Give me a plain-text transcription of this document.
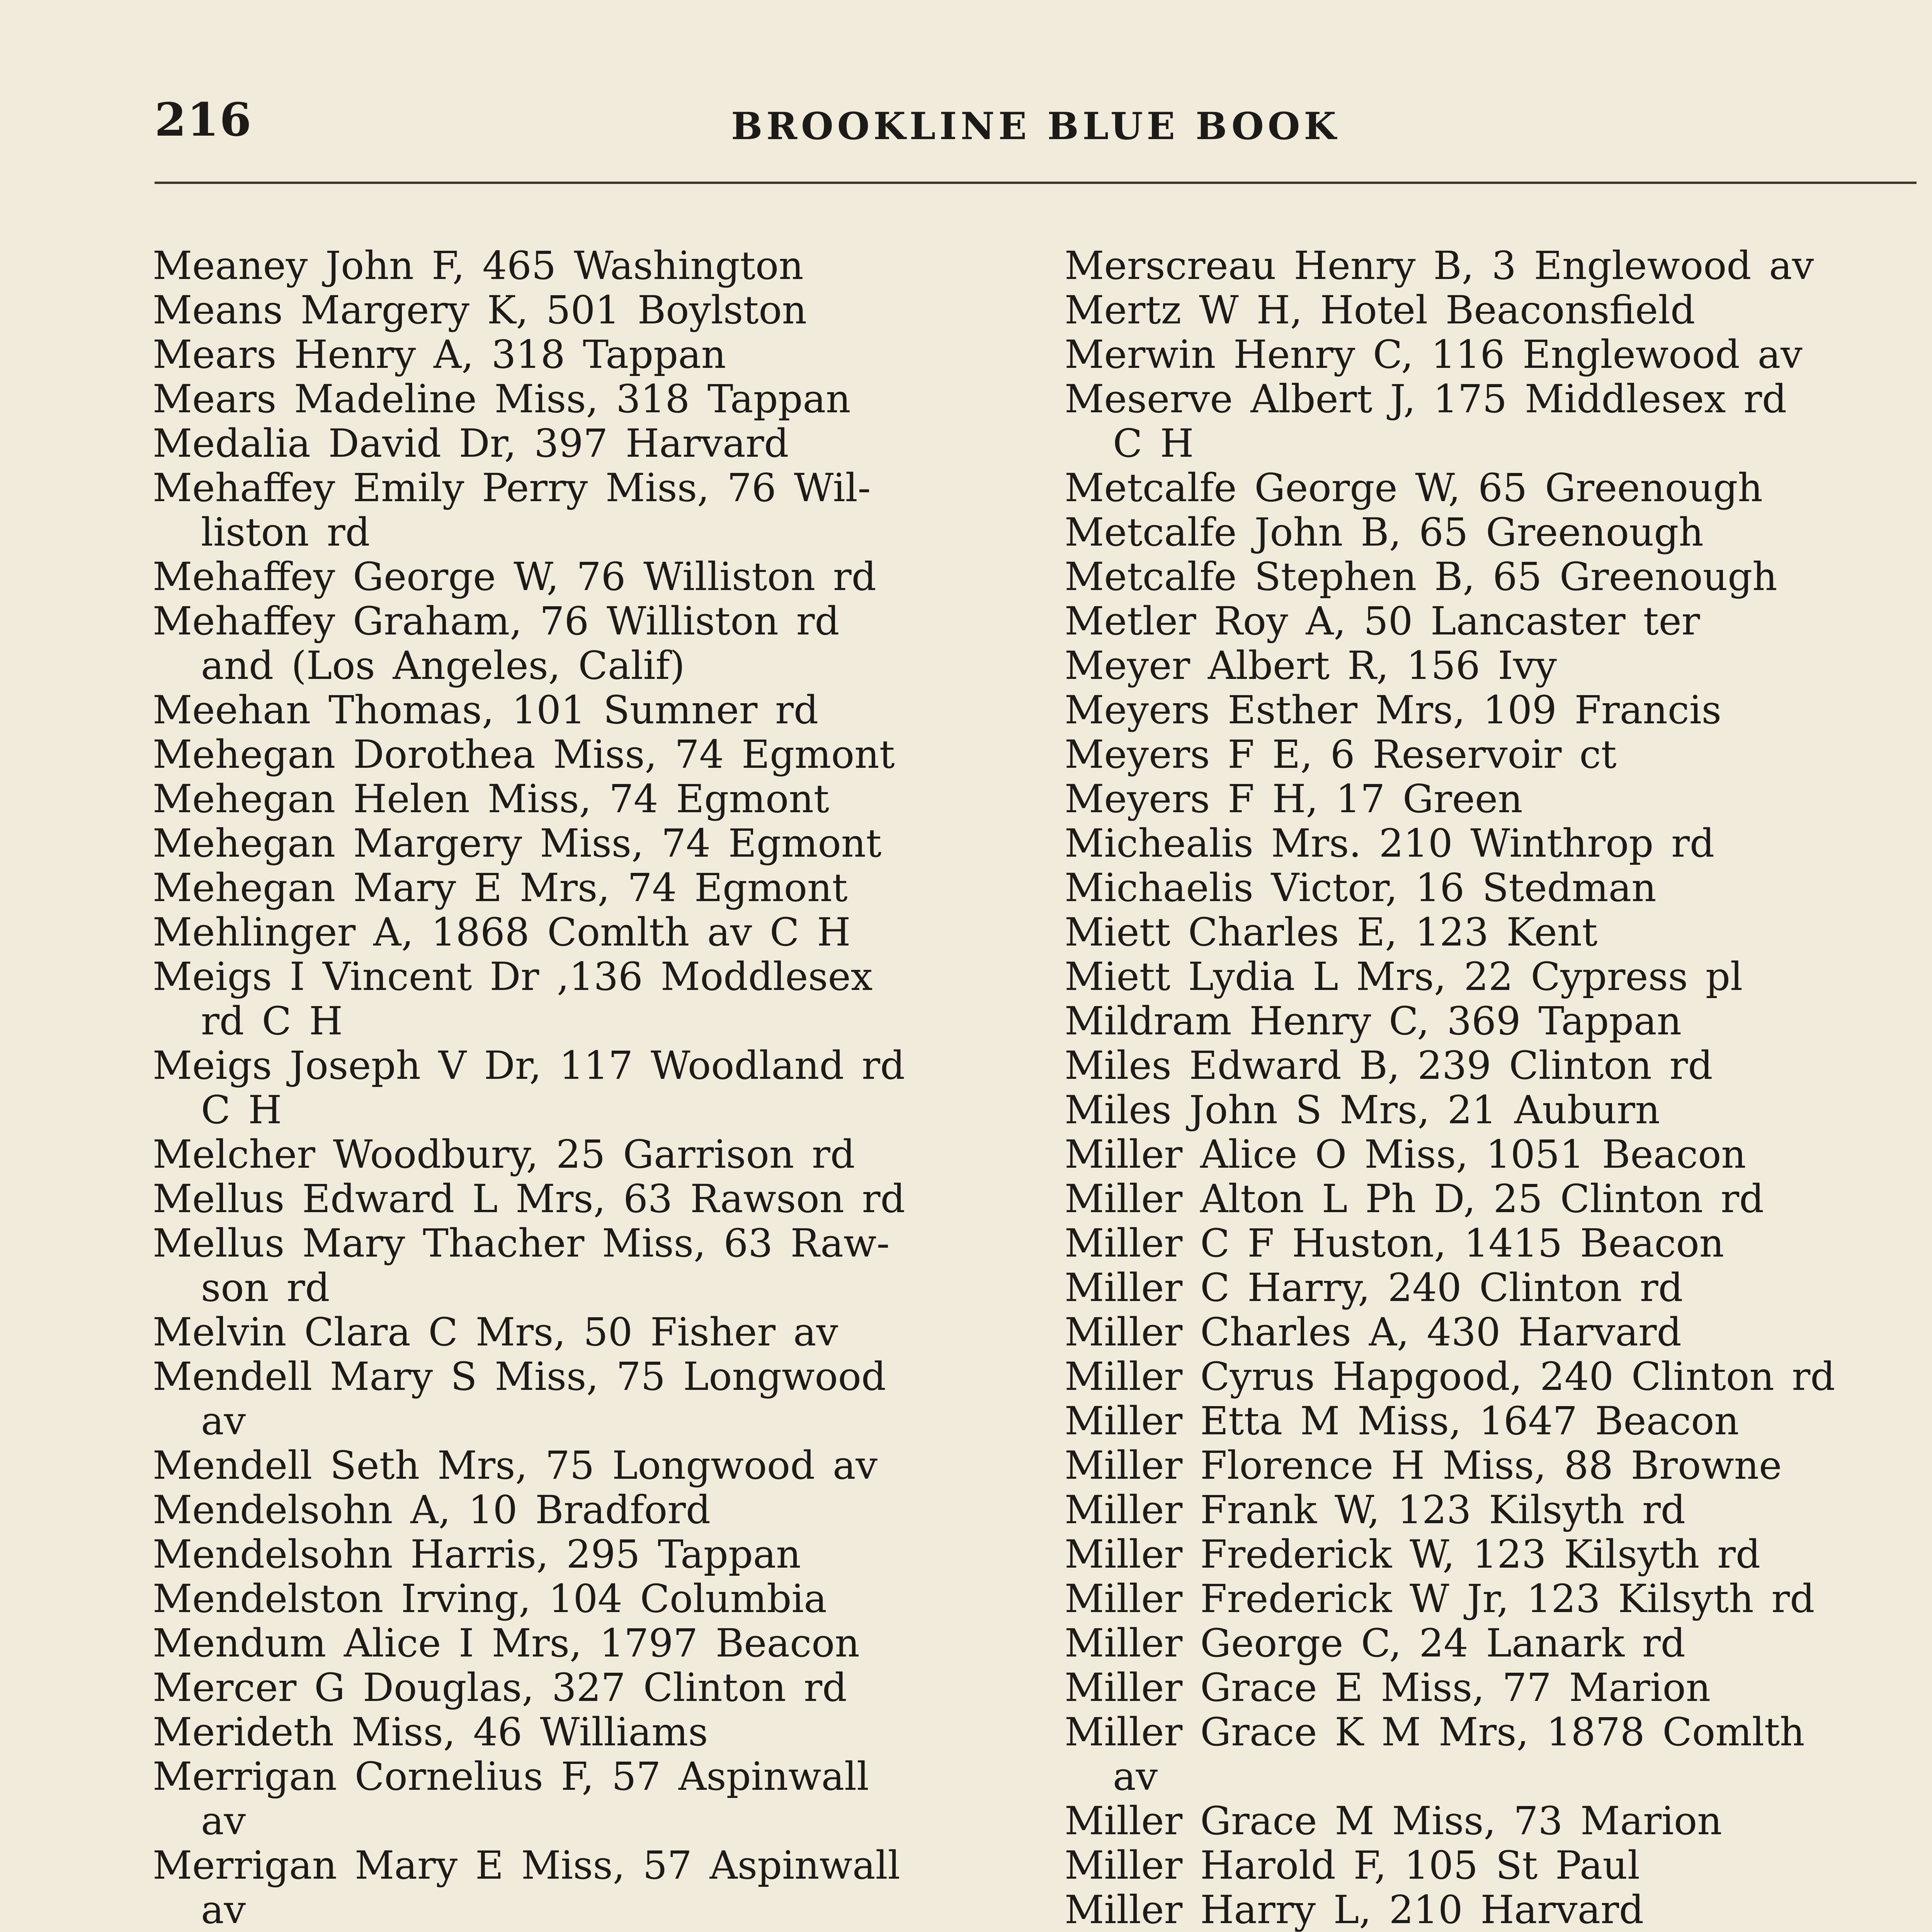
216	BROOKLINE BLUE BOOK
Meaney John F, 465 Washington
Means Margery K, 501 Boylston
Mears Henry A, 318 Tappan
Mears Madeline Miss, 318 Tappan
Medalia David Dr, 397 Harvard
Mehaffey Emily Perry Miss, 76 Wil-
liston rd
Mehaffey George W, 76 Williston rd
Mehaffey Graham, 76 Williston rd
and (Los Angeles, Calif)
Meehan Thomas, 101 Sumner rd
Mehegan Dorothea Miss, 74 Egmont
Mehegan Helen Miss, 74 Egmont
Mehegan Margery Miss, 74 Egmont
Mehegan Mary E Mrs, 74 Egmont
Mehlinger A, 1868 Comlth av C H
Meigs I Vincent Dr ,136 Moddlesex
rd C H
Meigs Joseph V Dr, 117 Woodland rd
C H
Melcher Woodbury, 25 Garrison rd
Mellus Edward L Mrs, 63 Rawson rd
Mellus Mary Thacher Miss, 63 Raw-
son rd
Melvin Clara C Mrs, 50 Fisher av
Mendell Mary S Miss, 75 Longwood
av
Mendell Seth Mrs, 75 Longwood av
Mendelsohn A, 10 Bradford
Mendelsohn Harris, 295 Tappan
Mendelston Irving, 104 Columbia
Mendum Alice I Mrs, 1797 Beacon
Mercer G Douglas, 327 Clinton rd
Merideth Miss, 46 Williams
Merrigan Cornelius F, 57 Aspinwall
av
Merrigan Mary E Miss, 57 Aspinwall
av
Merscreau Henry B, 3 Englewood av
Mertz W H, Hotel Beaconsfield
Merwin Henry C, 116 Englewood av
Meserve Albert J, 175 Middlesex rd
C H
Metcalfe George W, 65 Greenough
Metcalfe John B, 65 Greenough
Metcalfe Stephen B, 65 Greenough
Metler Roy A, 50 Lancaster ter
Meyer Albert R, 156 Ivy
Meyers Esther Mrs, 109 Francis
Meyers F E, 6 Reservoir ct
Meyers F H, 17 Green
Michealis Mrs. 210 Winthrop rd
Michaelis Victor, 16 Stedman
Miett Charles E, 123 Kent
Miett Lydia L Mrs, 22 Cypress pl
Mildram Henry C, 369 Tappan
Miles Edward B, 239 Clinton rd
Miles John S Mrs, 21 Auburn
Miller Alice O Miss, 1051 Beacon
Miller Alton L Ph D, 25 Clinton rd
Miller C F Huston, 1415 Beacon
Miller C Harry, 240 Clinton rd
Miller Charles A, 430 Harvard
Miller Cyrus Hapgood, 240 Clinton rd
Miller Etta M Miss, 1647 Beacon
Miller Florence H Miss, 88 Browne
Miller Frank W, 123 Kilsyth rd
Miller Frederick W, 123 Kilsyth rd
Miller Frederick W Jr, 123 Kilsyth rd
Miller George C, 24 Lanark rd
Miller Grace E Miss, 77 Marion
Miller Grace K M Mrs, 1878 Comlth
av
Miller Grace M Miss, 73 Marion
Miller Harold F, 105 St Paul
Miller Harry L, 210 Harvard
